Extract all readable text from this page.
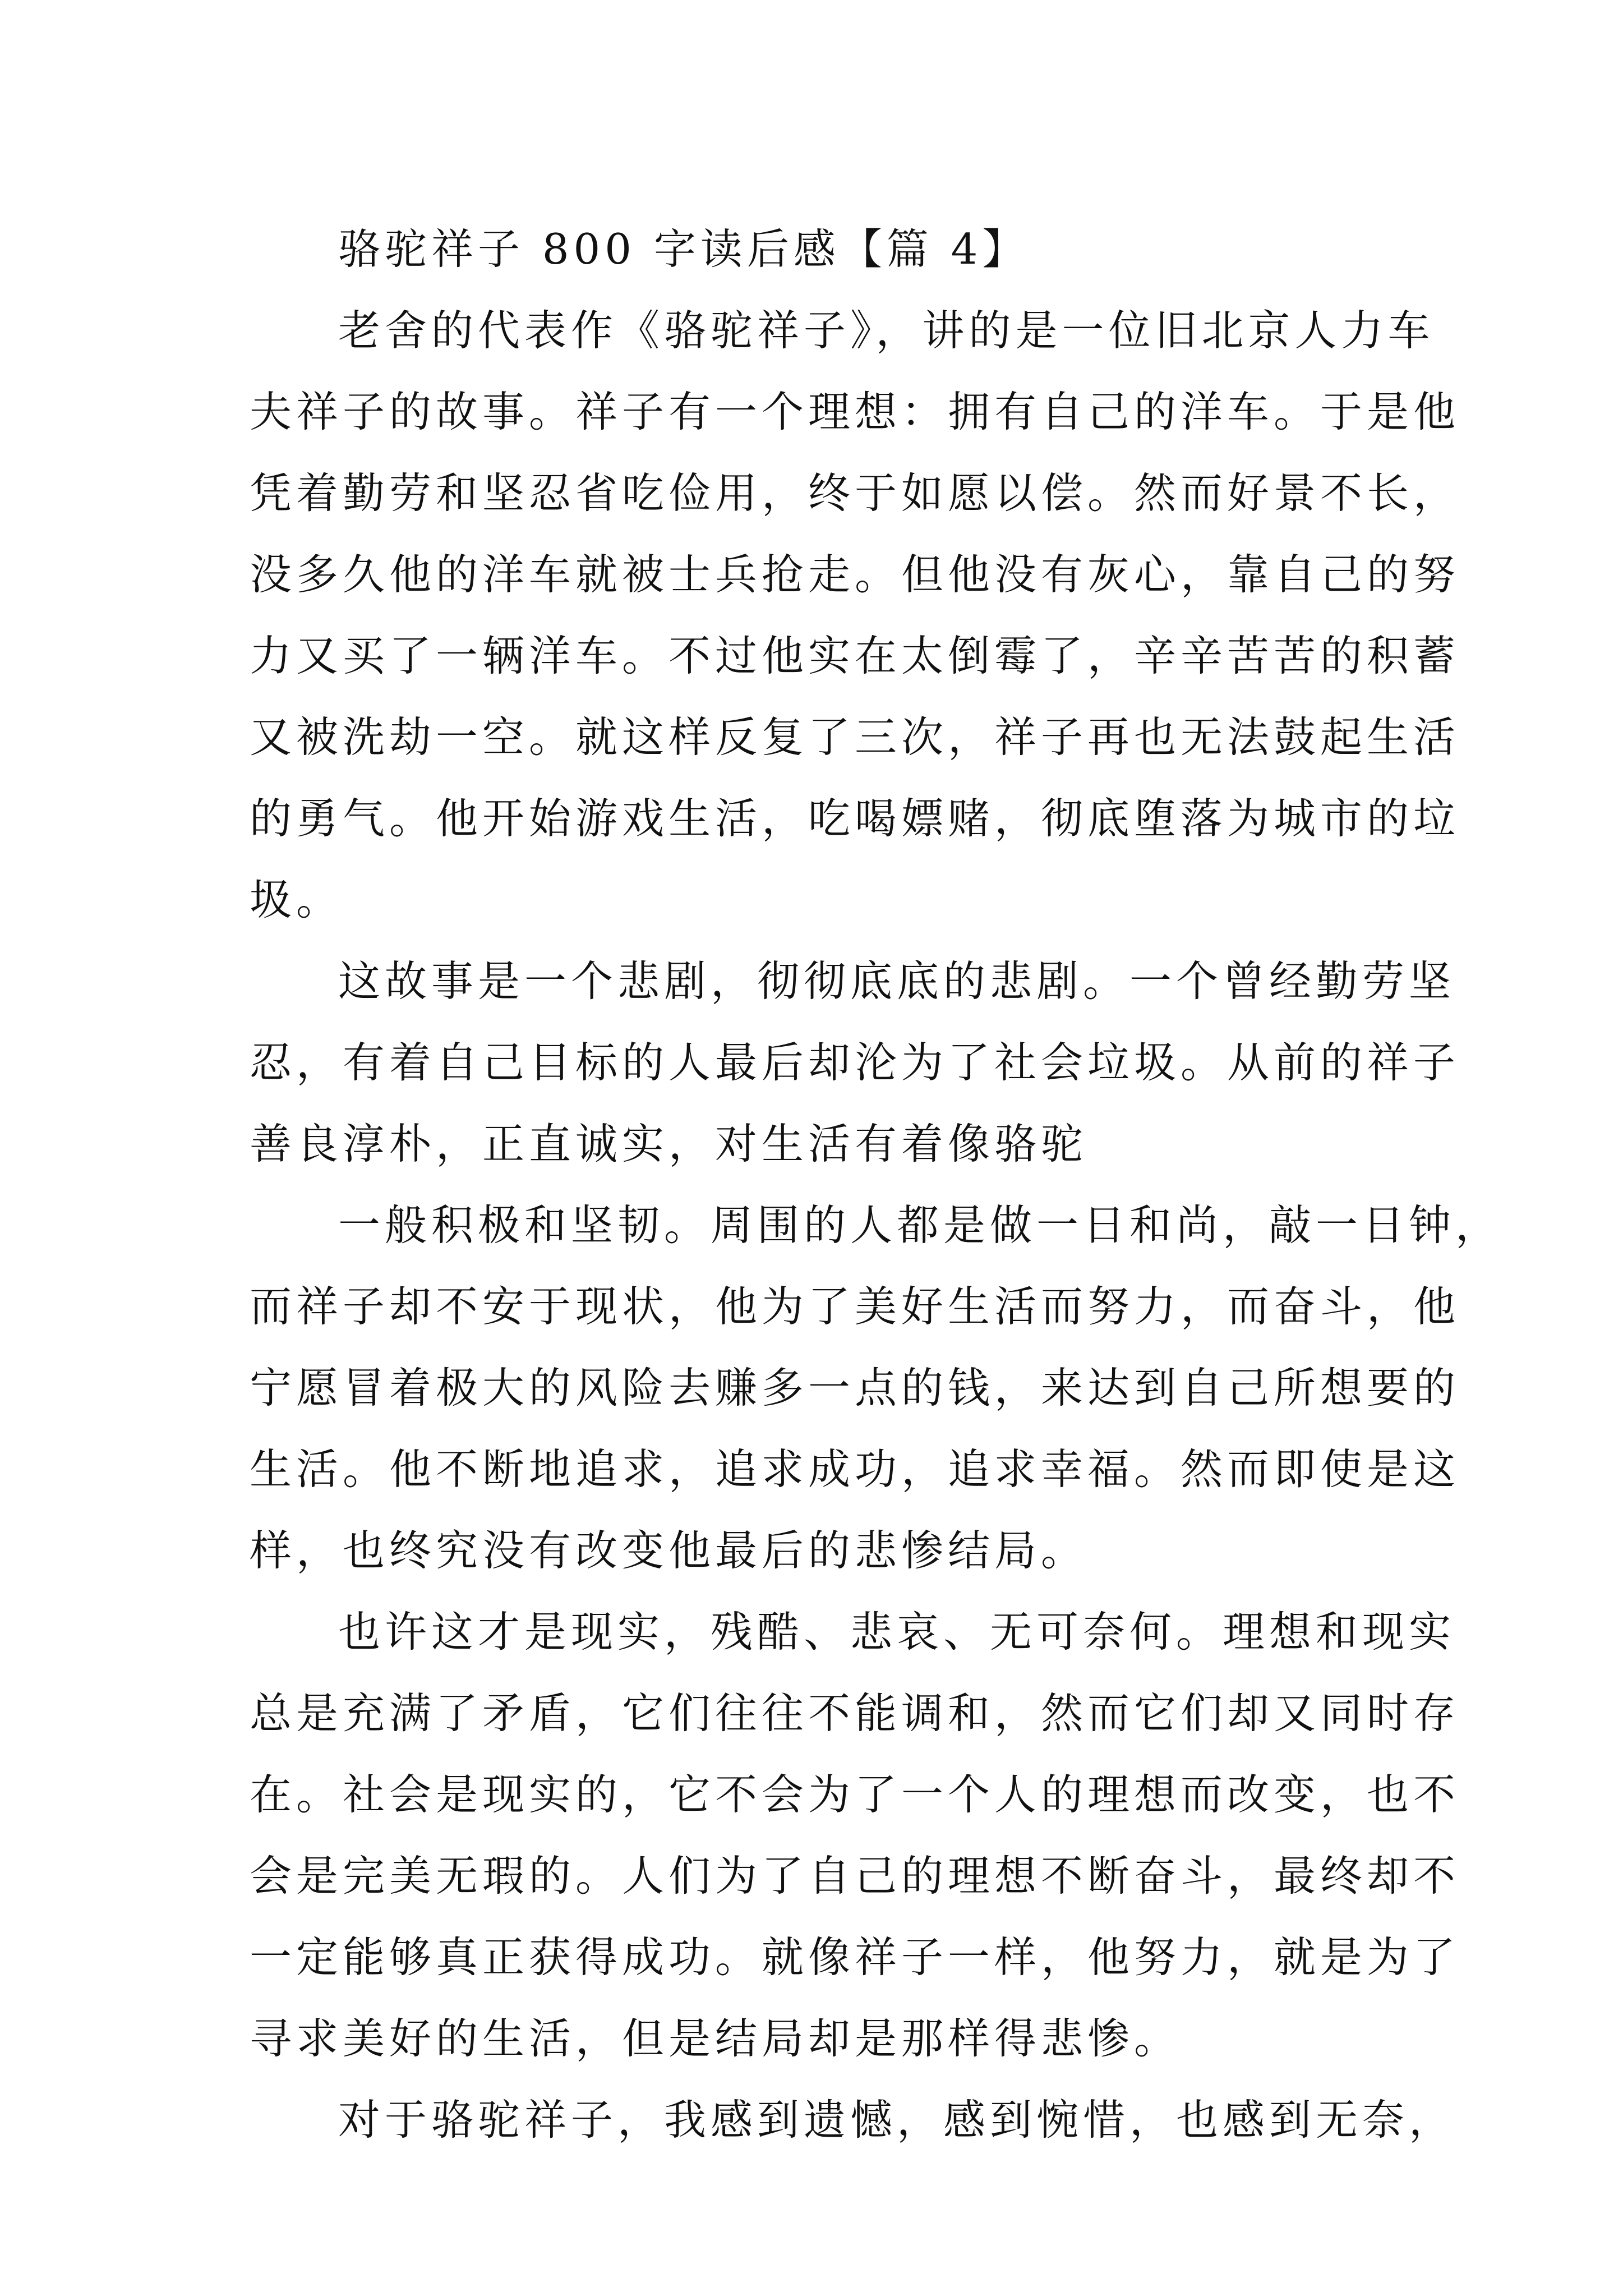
骆驼祥子 800 字读后感【篇 4】
老舍的代表作《骆驼祥子》，讲的是一位旧北京人力车
夫祥子的故事。祥子有一个理想：拥有自己的洋车。于是他
凭着勤劳和坚忍省吃俭用，终于如愿以偿。然而好景不长，
没多久他的洋车就被士兵抢走。但他没有灰心，靠自己的努
力又买了一辆洋车。不过他实在太倒霉了，辛辛苦苦的积蓄
又被洗劫一空。就这样反复了三次，祥子再也无法鼓起生活
的勇气。他开始游戏生活，吃喝嫖赌，彻底堕落为城市的垃
圾。
这故事是一个悲剧，彻彻底底的悲剧。一个曾经勤劳坚
忍，有着自己目标的人最后却沦为了社会垃圾。从前的祥子
善良淳朴，正直诚实，对生活有着像骆驼
一般积极和坚韧。周围的人都是做一日和尚，敲一日钟，
而祥子却不安于现状，他为了美好生活而努力，而奋斗，他
宁愿冒着极大的风险去赚多一点的钱，来达到自己所想要的
生活。他不断地追求，追求成功，追求幸福。然而即使是这
样，也终究没有改变他最后的悲惨结局。
也许这才是现实，残酷、悲哀、无可奈何。理想和现实
总是充满了矛盾，它们往往不能调和，然而它们却又同时存
在。社会是现实的，它不会为了一个人的理想而改变，也不
会是完美无瑕的。人们为了自己的理想不断奋斗，最终却不
一定能够真正获得成功。就像祥子一样，他努力，就是为了
寻求美好的生活，但是结局却是那样得悲惨。
对于骆驼祥子，我感到遗憾，感到惋惜，也感到无奈，
